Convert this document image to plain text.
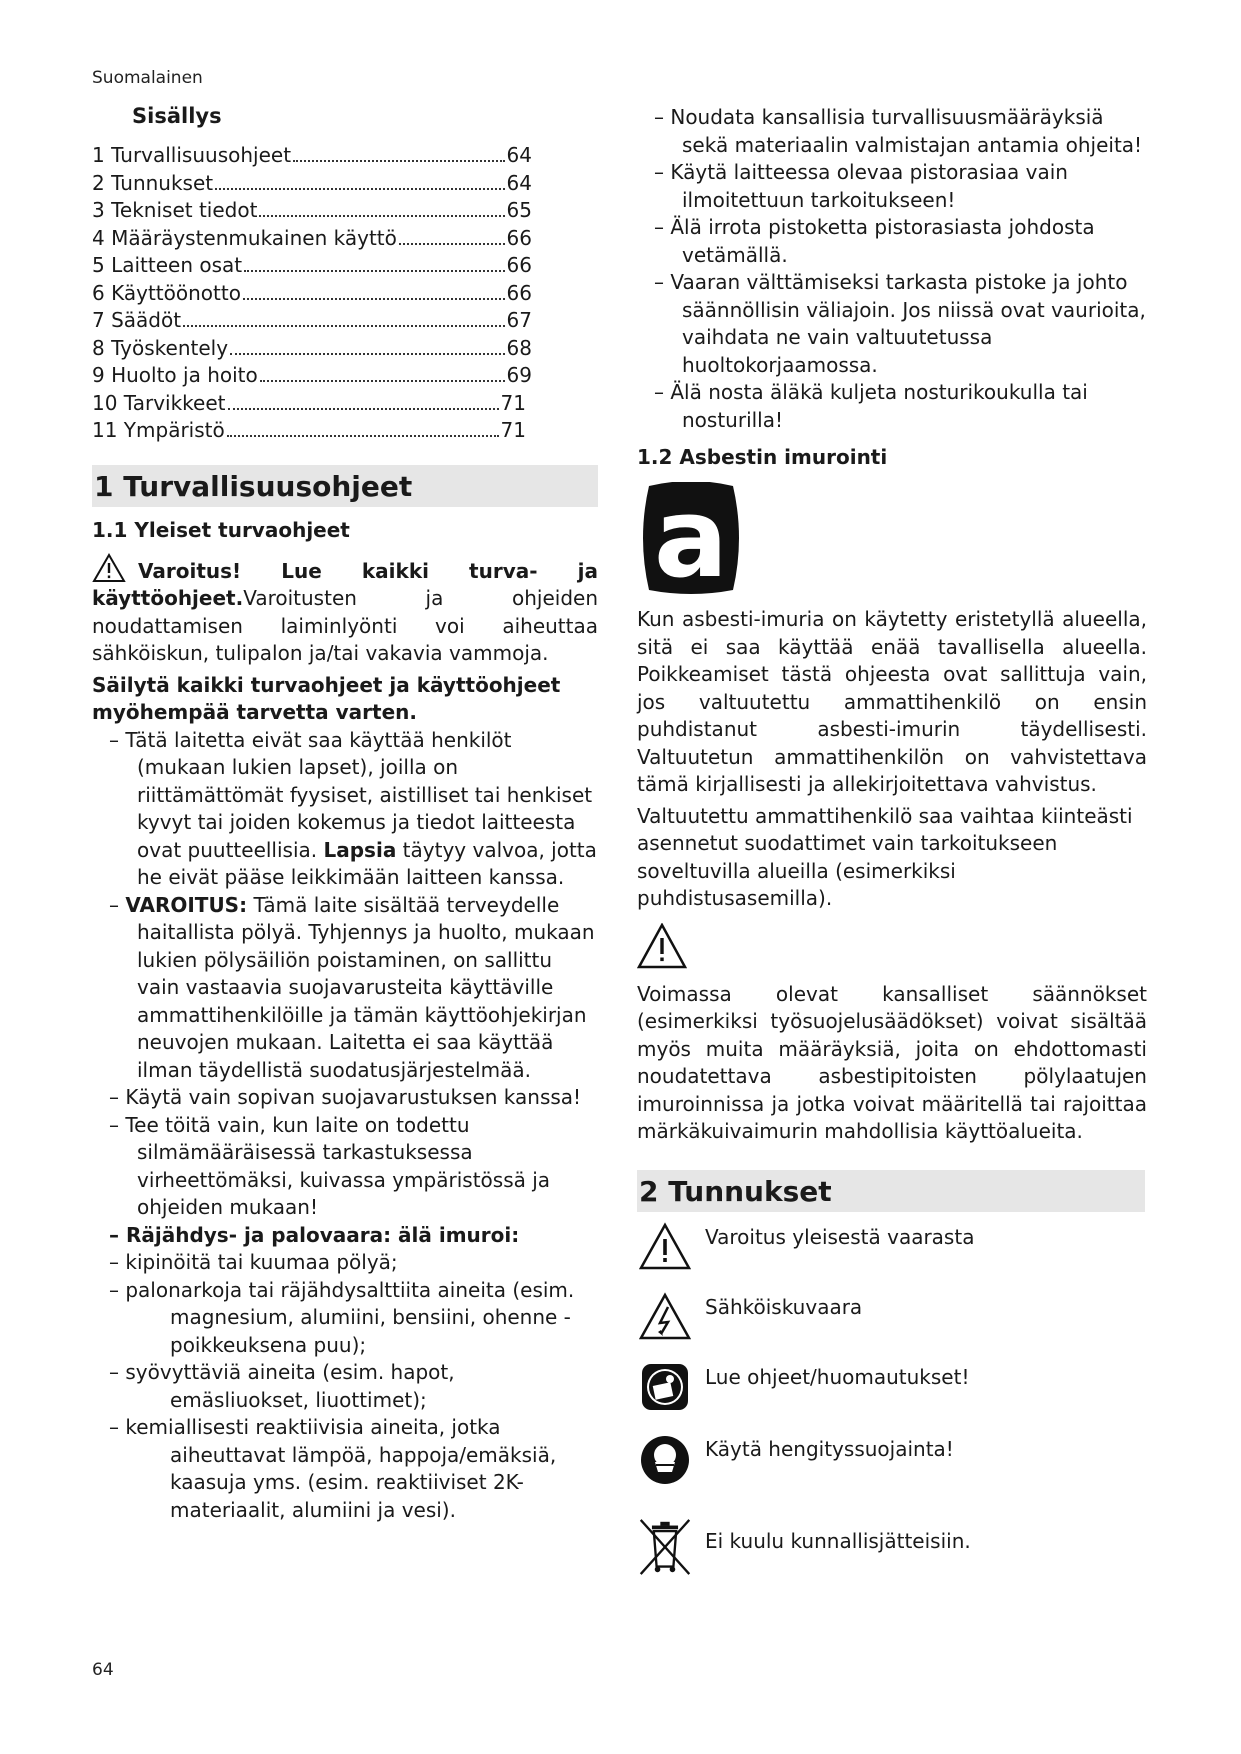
Suomalainen
Sisällys
1 Turvallisuusohjeet	64
2 Tunnukset	64
3 Tekniset tiedot	65
4 Määräystenmukainen käyttö	66
5 Laitteen osat	66
6 Käyttöönotto	66
7 Säädöt	67
8 Työskentely	68
9 Huolto ja hoito	69
10 Tarvikkeet	71
11 Ympäristö	71
1 Turvallisuusohjeet
1.1 Yleiset turvaohjeet

Varoitus! Lue kaikki turva- ja käyttöohjeet.Varoitusten ja ohjeiden noudattamisen laiminlyönti voi aiheuttaa sähköiskun, tulipalon ja/tai vakavia vammoja.

Säilytä kaikki turvaohjeet ja käyttöohjeet myöhempää tarvetta varten.

– Tätä laitetta eivät saa käyttää henkilöt (mukaan lukien lapset), joilla on riittämättömät fyysiset, aistilliset tai henkiset kyvyt tai joiden kokemus ja tiedot laitteesta ovat puutteellisia. Lapsia täytyy valvoa, jotta he eivät pääse leikkimään laitteen kanssa.
– VAROITUS: Tämä laite sisältää terveydelle haitallista pölyä. Tyhjennys ja huolto, mukaan lukien pölysäiliön poistaminen, on sallittu vain vastaavia suojavarusteita käyttäville ammattihenkilöille ja tämän käyttöohjekirjan neuvojen mukaan. Laitetta ei saa käyttää ilman täydellistä suodatusjärjestelmää.
– Käytä vain sopivan suojavarustuksen kanssa!
– Tee töitä vain, kun laite on todettu silmämääräisessä tarkastuksessa virheettömäksi, kuivassa ympäristössä ja ohjeiden mukaan!
– Räjähdys- ja palovaara: älä imuroi:
– kipinöitä tai kuumaa pölyä;
– palonarkoja tai räjähdysalttiita aineita (esim. magnesium, alumiini, bensiini, ohenne - poikkeuksena puu);
– syövyttäviä aineita (esim. hapot, emäsliuokset, liuottimet);
– kemiallisesti reaktiivisia aineita, jotka aiheuttavat lämpöä, happoja/emäksiä, kaasuja yms. (esim. reaktiiviset 2K-materiaalit, alumiini ja vesi).
– Noudata kansallisia turvallisuusmääräyksiä sekä materiaalin valmistajan antamia ohjeita!
– Käytä laitteessa olevaa pistorasiaa vain ilmoitettuun tarkoitukseen!
– Älä irrota pistoketta pistorasiasta johdosta vetämällä.
– Vaaran välttämiseksi tarkasta pistoke ja johto säännöllisin väliajoin. Jos niissä ovat vaurioita, vaihdata ne vain valtuutetussa huoltokorjaamossa.
– Älä nosta äläkä kuljeta nosturikoukulla tai nosturilla!
1.2 Asbestin imurointi
a

Kun asbesti-imuria on käytetty eristetyllä alueella, sitä ei saa käyttää enää tavallisella alueella. Poikkeamiset tästä ohjeesta ovat sallittuja vain, jos valtuutettu ammattihenkilö on ensin puhdistanut asbesti-imurin täydellisesti. Valtuutetun ammattihenkilön on vahvistettava tämä kirjallisesti ja allekirjoitettava vahvistus.

Valtuutettu ammattihenkilö saa vaihtaa kiinteästi asennetut suodattimet vain tarkoitukseen soveltuvilla alueilla (esimerkiksi puhdistusasemilla).

Voimassa olevat kansalliset säännökset (esimerkiksi työsuojelusäädökset) voivat sisältää myös muita määräyksiä, joita on ehdottomasti noudatettava asbestipitoisten pölylaatujen imuroinnissa ja jotka voivat määritellä tai rajoittaa märkäkuivaimurin mahdollisia käyttöalueita.

2 Tunnukset
Varoitus yleisestä vaarasta
Sähköiskuvaara
Lue ohjeet/huomautukset!
Käytä hengityssuojainta!
Ei kuulu kunnallisjätteisiin.
64
